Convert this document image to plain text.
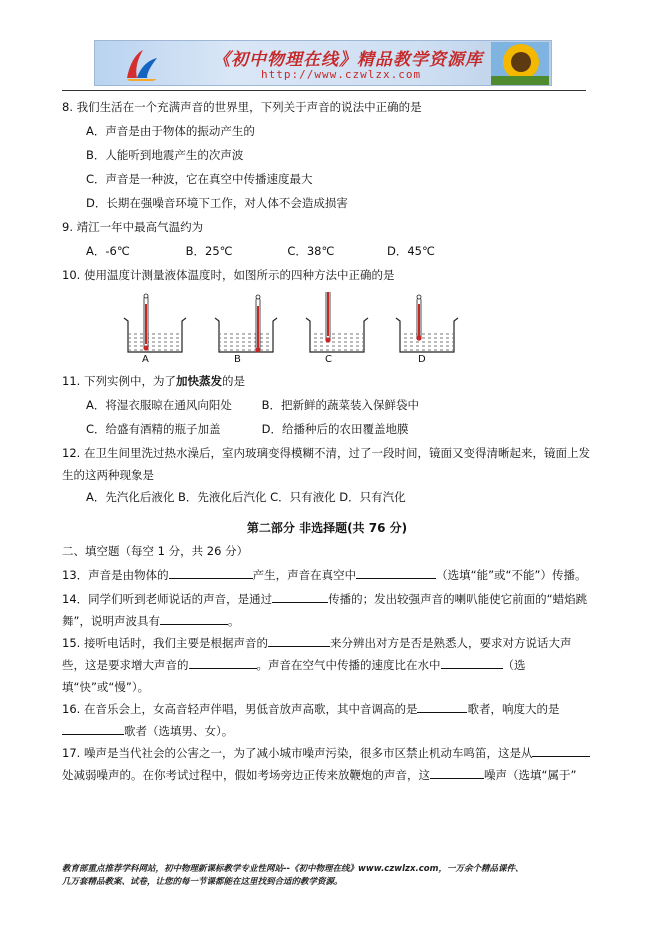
《初中物理在线》精品教学资源库
http://www.czwlzx.com
8. 我们生活在一个充满声音的世界里，下列关于声音的说法中正确的是
A．声音是由于物体的振动产生的
B．人能听到地震产生的次声波
C．声音是一种波，它在真空中传播速度最大
D．长期在强噪音环境下工作，对人体不会造成损害
9. 靖江一年中最高气温约为
A．-6℃	B．25℃	C．38℃	D．45℃
10. 使用温度计测量液体温度时，如图所示的四种方法中正确的是
A	B	C	D
11. 下列实例中，为了加快蒸发的是
A．将湿衣服晾在通风向阳处	B．把新鲜的蔬菜装入保鲜袋中
C．给盛有酒精的瓶子加盖	D．给播种后的农田覆盖地膜
12. 在卫生间里洗过热水澡后，室内玻璃变得模糊不清，过了一段时间，镜面又变得清晰起来，镜面上发生的这两种现象是
A．先汽化后液化 B．先液化后汽化 C．只有液化 D．只有汽化
第二部分 非选择题(共 76 分)
二、填空题（每空 1 分，共 26 分）
13．声音是由物体的	产生，声音在真空中	（选填“能”或“不能”）传播。
14．同学们听到老师说话的声音，是通过	传播的；发出较强声音的喇叭能使它前面的“蜡焰跳舞”，说明声波具有	。
15. 接听电话时，我们主要是根据声音的	来分辨出对方是否是熟悉人，要求对方说话大声些，这是要求增大声音的	。声音在空气中传播的速度比在水中	（选填“快”或“慢”）。
16. 在音乐会上，女高音轻声伴唱，男低音放声高歌，其中音调高的是	歌者，响度大的是歌者（选填男、女）。
17. 噪声是当代社会的公害之一，为了减小城市噪声污染，很多市区禁止机动车鸣笛，这是从处减弱噪声的。在你考试过程中，假如考场旁边正传来放鞭炮的声音，这	噪声（选填“属于”
教育部重点推荐学科网站，初中物理新课标教学专业性网站--《初中物理在线》www.czwlzx.com，一万余个精品课件、
几万套精品教案、试卷，让您的每一节课都能在这里找到合适的教学资源。
